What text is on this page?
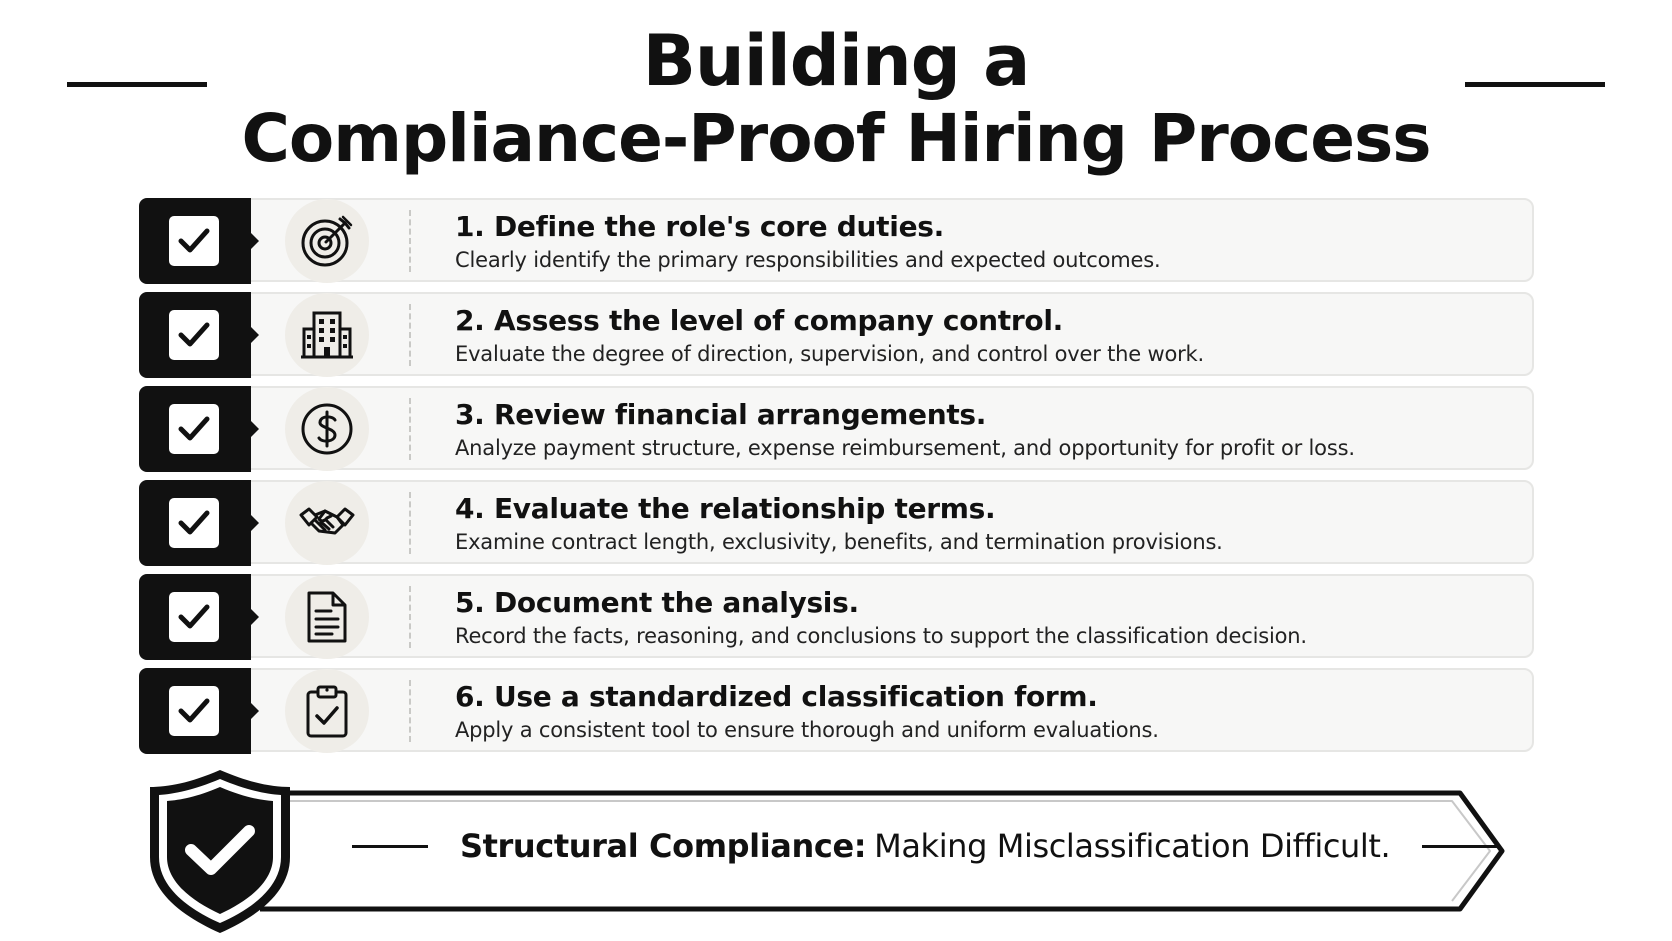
Building a
Compliance-Proof Hiring Process
1. Define the role's core duties.
Clearly identify the primary responsibilities and expected outcomes.
2. Assess the level of company control.
Evaluate the degree of direction, supervision, and control over the work.
3. Review financial arrangements.
Analyze payment structure, expense reimbursement, and opportunity for profit or loss.
4. Evaluate the relationship terms.
Examine contract length, exclusivity, benefits, and termination provisions.
5. Document the analysis.
Record the facts, reasoning, and conclusions to support the classification decision.
6. Use a standardized classification form.
Apply a consistent tool to ensure thorough and uniform evaluations.
Structural Compliance: Making Misclassification Difficult.
